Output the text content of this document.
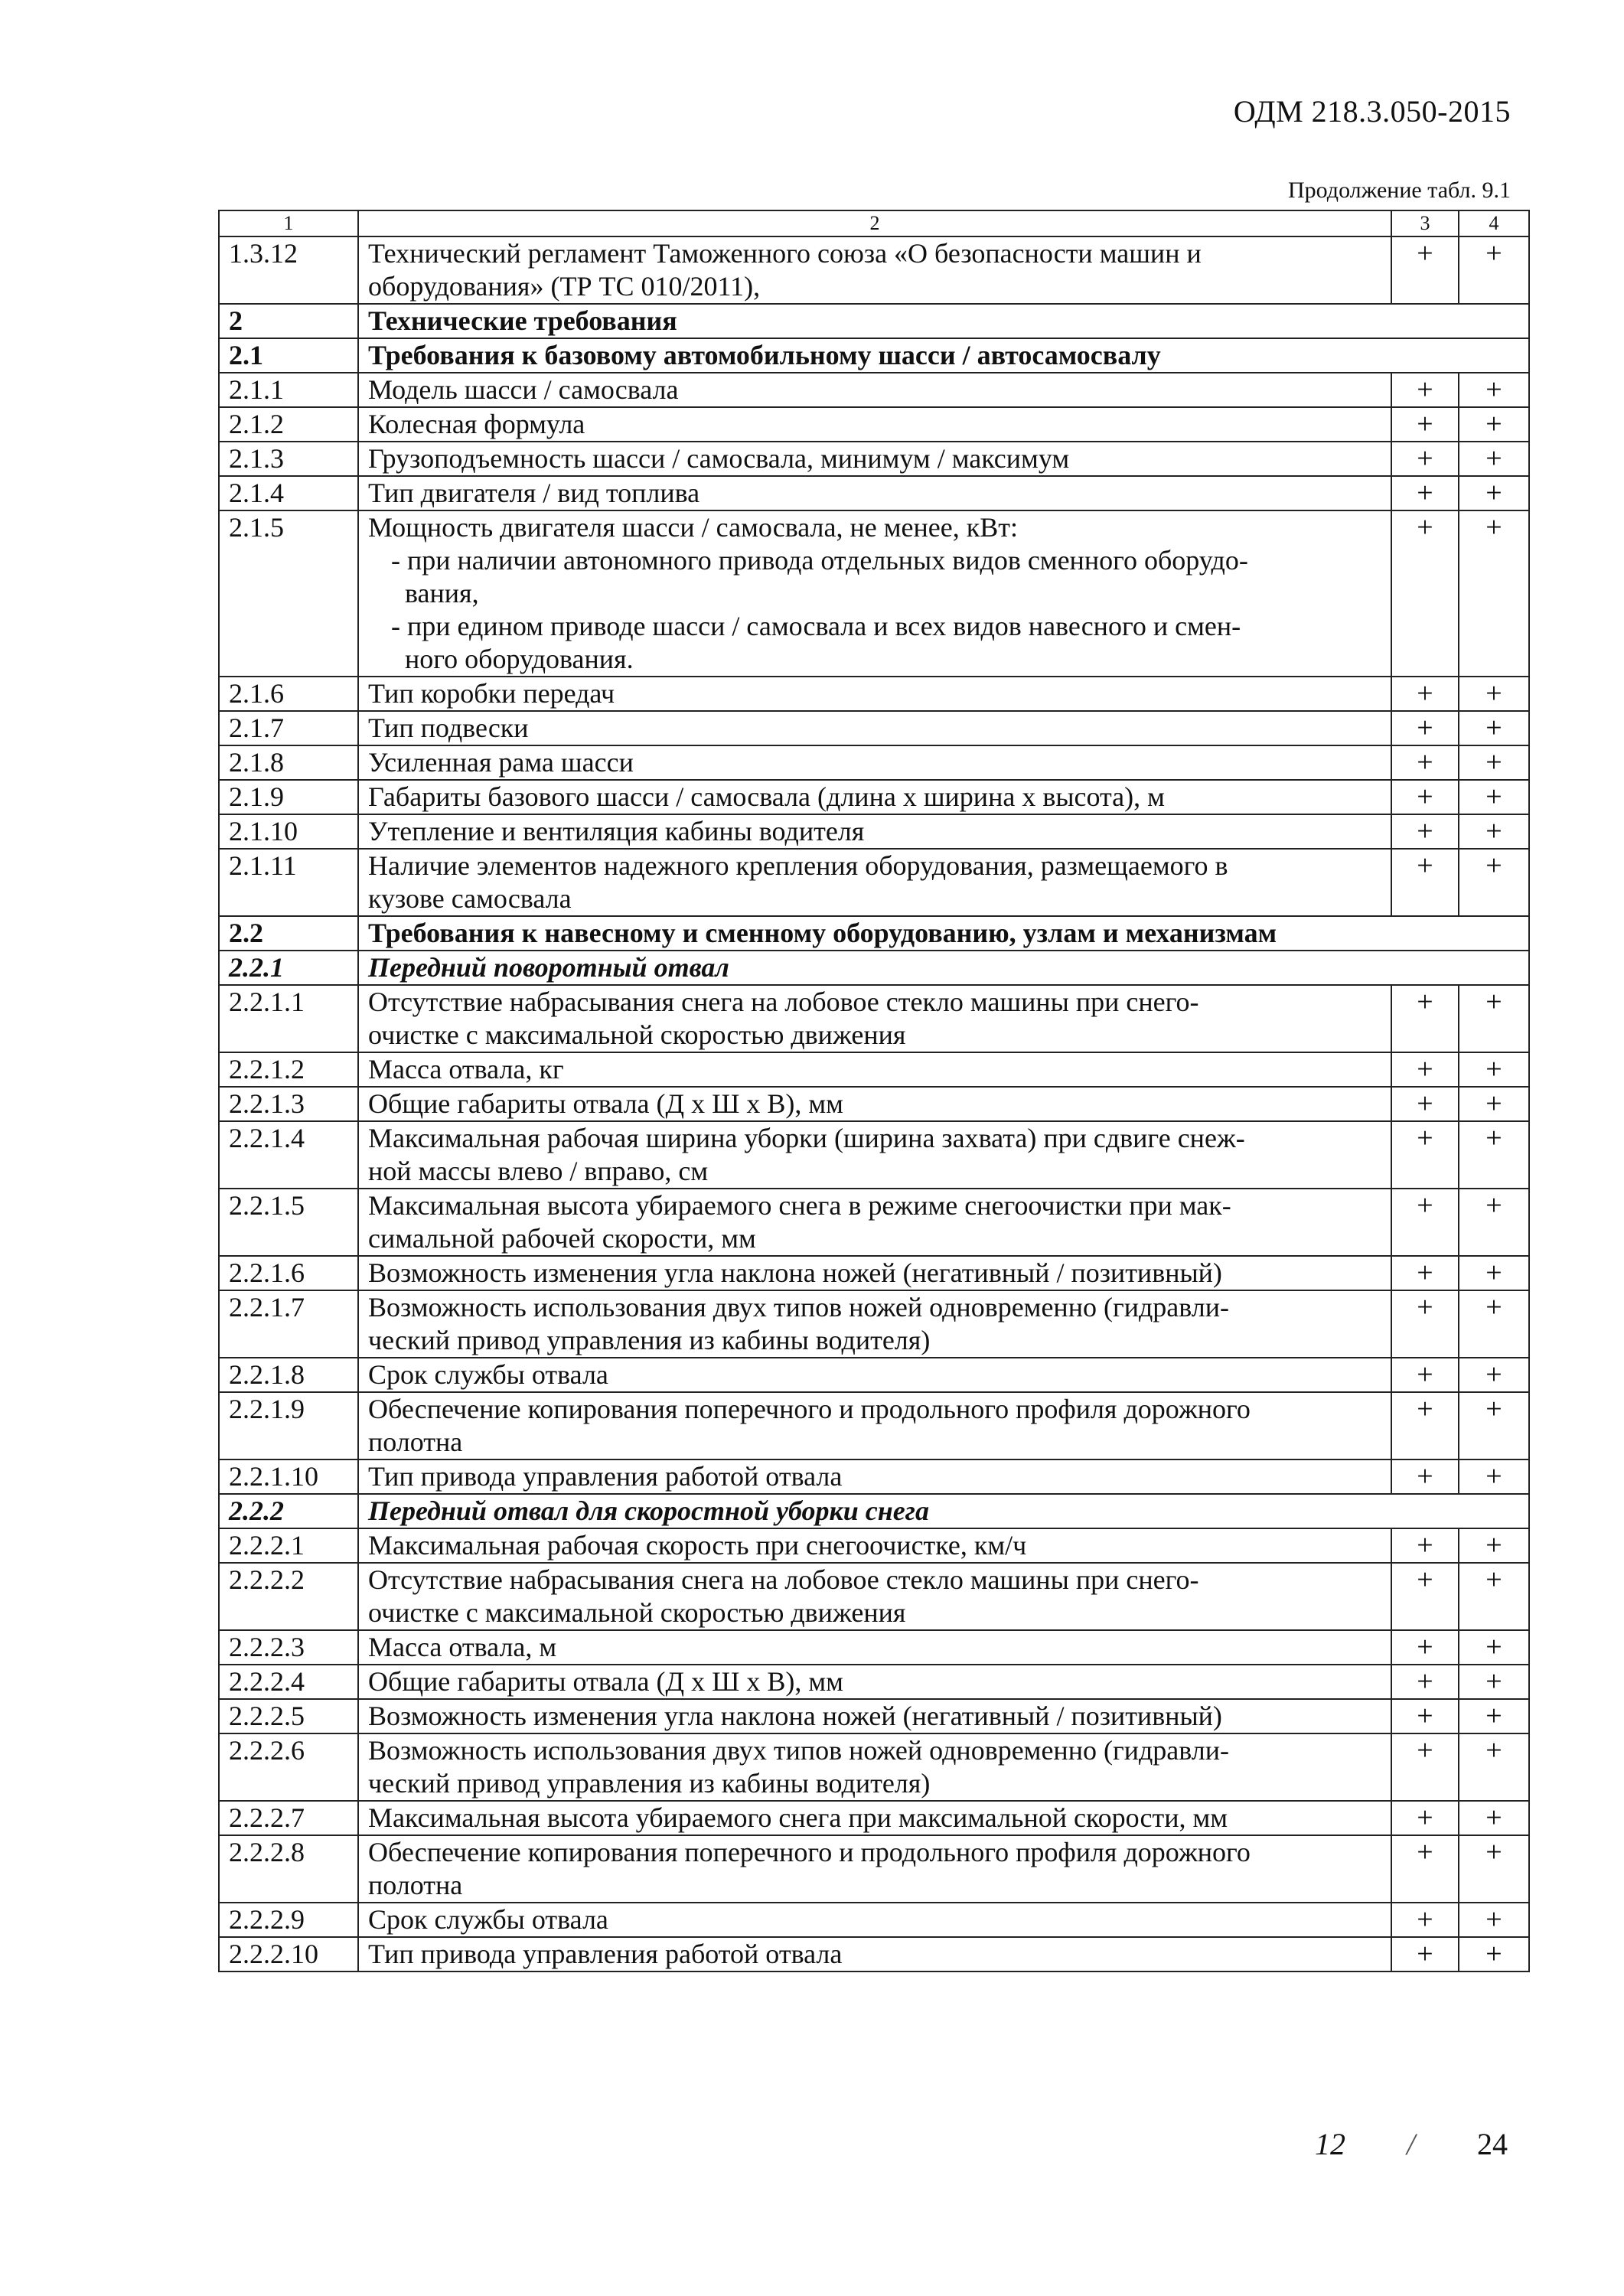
ОДМ 218.3.050-2015
Продолжение табл. 9.1
1	2	3	4
1.3.12	Технический регламент Таможенного союза «О безопасности машин и
оборудования» (ТР ТС 010/2011),	+	+
2	Технические требования		
2.1	Требования к базовому автомобильному шасси / автосамосвалу		
2.1.1	Модель шасси / самосвала	+	+
2.1.2	Колесная формула	+	+
2.1.3	Грузоподъемность шасси / самосвала, минимум / максимум	+	+
2.1.4	Тип двигателя / вид топлива	+	+
2.1.5	Мощность двигателя шасси / самосвала, не менее, кВт:
- при наличии автономного привода отдельных видов сменного оборудо-
вания,
- при едином приводе шасси / самосвала и всех видов навесного и смен-
ного оборудования.	+	+
2.1.6	Тип коробки передач	+	+
2.1.7	Тип подвески	+	+
2.1.8	Усиленная рама шасси	+	+
2.1.9	Габариты базового шасси / самосвала (длина х ширина х высота), м	+	+
2.1.10	Утепление и вентиляция кабины водителя	+	+
2.1.11	Наличие элементов надежного крепления оборудования, размещаемого в
кузове самосвала	+	+
2.2	Требования к навесному и сменному оборудованию, узлам и механизмам		
2.2.1	Передний поворотный отвал		
2.2.1.1	Отсутствие набрасывания снега на лобовое стекло машины при снего-
очистке с максимальной скоростью движения	+	+
2.2.1.2	Масса отвала, кг	+	+
2.2.1.3	Общие габариты отвала (Д х Ш х В), мм	+	+
2.2.1.4	Максимальная рабочая ширина уборки (ширина захвата) при сдвиге снеж-
ной массы влево / вправо, см	+	+
2.2.1.5	Максимальная высота убираемого снега в режиме снегоочистки при мак-
симальной рабочей скорости, мм	+	+
2.2.1.6	Возможность изменения угла наклона ножей (негативный / позитивный)	+	+
2.2.1.7	Возможность использования двух типов ножей одновременно (гидравли-
ческий привод управления из кабины водителя)	+	+
2.2.1.8	Срок службы отвала	+	+
2.2.1.9	Обеспечение копирования поперечного и продольного профиля дорожного
полотна	+	+
2.2.1.10	Тип привода управления работой отвала	+	+
2.2.2	Передний отвал для скоростной уборки снега		
2.2.2.1	Максимальная рабочая скорость при снегоочистке, км/ч	+	+
2.2.2.2	Отсутствие набрасывания снега на лобовое стекло машины при снего-
очистке с максимальной скоростью движения	+	+
2.2.2.3	Масса отвала, м	+	+
2.2.2.4	Общие габариты отвала (Д х Ш х В), мм	+	+
2.2.2.5	Возможность изменения угла наклона ножей (негативный / позитивный)	+	+
2.2.2.6	Возможность использования двух типов ножей одновременно (гидравли-
ческий привод управления из кабины водителя)	+	+
2.2.2.7	Максимальная высота убираемого снега при максимальной скорости, мм	+	+
2.2.2.8	Обеспечение копирования поперечного и продольного профиля дорожного
полотна	+	+
2.2.2.9	Срок службы отвала	+	+
2.2.2.10	Тип привода управления работой отвала	+	+
12 / 24
